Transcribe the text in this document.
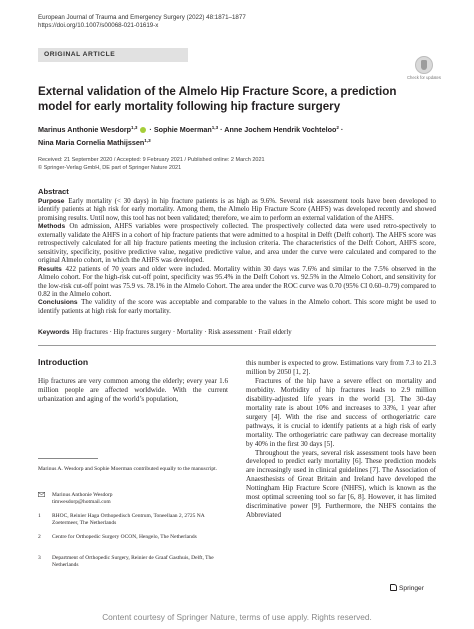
European Journal of Trauma and Emergency Surgery (2022) 48:1871–1877
https://doi.org/10.1007/s00068-021-01619-x
ORIGINAL ARTICLE
Check for updates
External validation of the Almelo Hip Fracture Score, a prediction model for early mortality following hip fracture surgery
Marinus Anthonie Wesdorp$^{1,3}$  · Sophie Moerman$^{1,3}$ · Anne Jochem Hendrik Vochteloo$^2$ ·
Nina Maria Cornelia Mathijssen$^{1,3}$
Received: 21 September 2020 / Accepted: 9 February 2021 / Published online: 2 March 2021
© Springer-Verlag GmbH, DE part of Springer Nature 2021
Abstract

Purpose Early mortality (< 30 days) in hip fracture patients is as high as 9.6%. Several risk assessment tools have been developed to identify patients at high risk for early mortality. Among them, the Almelo Hip Fracture Score (AHFS) was developed recently and showed promising results. Until now, this tool has not been validated; therefore, we aim to perform an external validation of the AHFS.

Methods On admission, AHFS variables were prospectively collected. The prospectively collected data were used retro-spectively to externally validate the AHFS in a cohort of hip fracture patients that were admitted to a hospital in Delft (Delft cohort). The AHFS score was retrospectively calculated for all hip fracture patients meeting the inclusion criteria. The characteristics of the Delft Cohort, AHFS score, sensitivity, specificity, positive predictive value, negative predictive value, and area under the curve were calculated and compared to the original Almelo cohort, in which the AHFS was developed.

Results 422 patients of 70 years and older were included. Mortality within 30 days was 7.6% and similar to the 7.5% observed in the Almelo cohort. For the high-risk cut-off point, specificity was 95.4% in the Delft Cohort vs. 92.5% in the Almelo Cohort, and sensitivity for the low-risk cut-off point was 75.9 vs. 78.1% in the Almelo Cohort. The area under the ROC curve was 0.70 (95% CI 0.60–0.79) compared to 0.82 in the Almelo cohort.

Conclusions The validity of the score was acceptable and comparable to the values in the Almelo cohort. This score might be used to identify patients at high risk for early mortality.

Keywords Hip fractures · Hip fractures surgery · Mortality · Risk assessment · Frail elderly
Introduction

Hip fractures are very common among the elderly; every year 1.6 million people are affected worldwide. With the current urbanization and aging of the world’s population,

Marinus A. Wesdorp and Sophie Moerman contributed equally to the manuscript.
Marinus Anthonie Wesdorp
timwesdorp@hotmail.com
1	RHOC, Reinier Haga Orthopedisch Centrum, Toneellaan 2, 2725 NA Zoetermeer, The Netherlands
2	Centre for Orthopedic Surgery OCON, Hengelo, The Netherlands
3	Department of Orthopedic Surgery, Reinier de Graaf Gasthuis, Delft, The Netherlands

this number is expected to grow. Estimations vary from 7.3 to 21.3 million by 2050 [1, 2].

Fractures of the hip have a severe effect on mortality and morbidity. Morbidity of hip fractures leads to 2.9 million disability-adjusted life years in the world [3]. The 30-day mortality rate is about 10% and increases to 33%, 1 year after surgery [4]. With the rise and success of orthogeriatric care pathways, it is crucial to identify patients at a high risk of early mortality. The orthogeriatric care pathway can decrease mortality by 40% in the first 30 days [5].

Throughout the years, several risk assessment tools have been developed to predict early mortality [6]. These prediction models are increasingly used in clinical guidelines [7]. The Association of Anaesthesists of Great Britain and Ireland have developed the Nottingham Hip Fracture Score (NHFS), which is known as the most optimal screening tool so far [6, 8]. However, it has limited discriminative power [9]. Furthermore, the NHFS contains the Abbreviated

Springer
Content courtesy of Springer Nature, terms of use apply. Rights reserved.
